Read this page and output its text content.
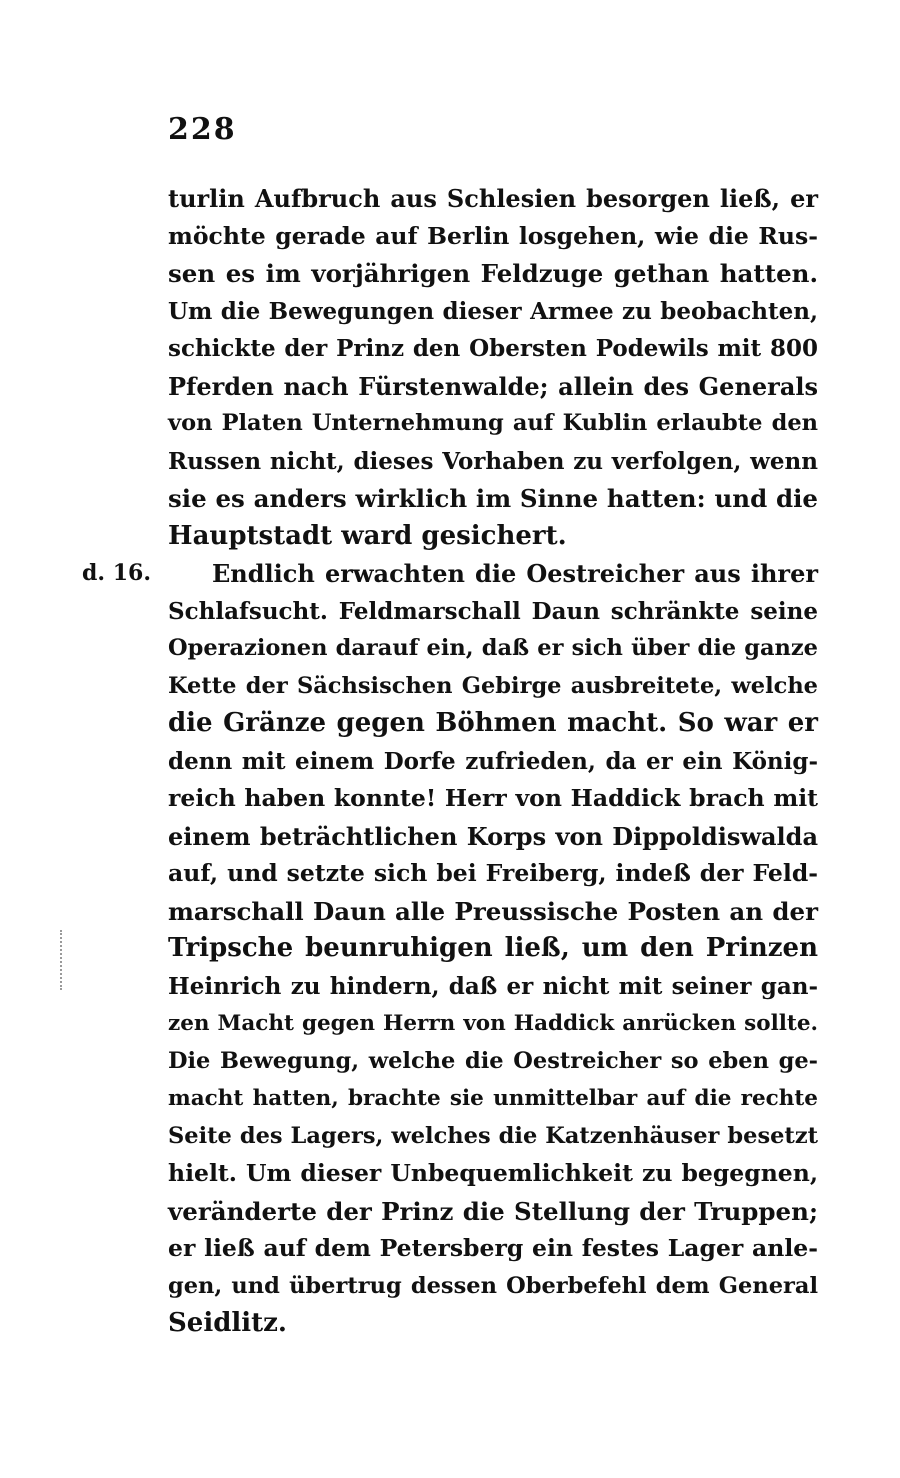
228
d. 16.
turlin Aufbruch aus Schlesien besorgen ließ, er
möchte gerade auf Berlin losgehen, wie die Rus-
sen es im vorjährigen Feldzuge gethan hatten.
Um die Bewegungen dieser Armee zu beobachten,
schickte der Prinz den Obersten Podewils mit 800
Pferden nach Fürstenwalde; allein des Generals
von Platen Unternehmung auf Kublin erlaubte den
Russen nicht, dieses Vorhaben zu verfolgen, wenn
sie es anders wirklich im Sinne hatten: und die
Hauptstadt ward gesichert.
Endlich erwachten die Oestreicher aus ihrer
Schlafsucht. Feldmarschall Daun schränkte seine
Operazionen darauf ein, daß er sich über die ganze
Kette der Sächsischen Gebirge ausbreitete, welche
die Gränze gegen Böhmen macht. So war er
denn mit einem Dorfe zufrieden, da er ein König-
reich haben konnte! Herr von Haddick brach mit
einem beträchtlichen Korps von Dippoldiswalda
auf, und setzte sich bei Freiberg, indeß der Feld-
marschall Daun alle Preussische Posten an der
Tripsche beunruhigen ließ, um den Prinzen
Heinrich zu hindern, daß er nicht mit seiner gan-
zen Macht gegen Herrn von Haddick anrücken sollte.
Die Bewegung, welche die Oestreicher so eben ge-
macht hatten, brachte sie unmittelbar auf die rechte
Seite des Lagers, welches die Katzenhäuser besetzt
hielt. Um dieser Unbequemlichkeit zu begegnen,
veränderte der Prinz die Stellung der Truppen;
er ließ auf dem Petersberg ein festes Lager anle-
gen, und übertrug dessen Oberbefehl dem General
Seidlitz.
